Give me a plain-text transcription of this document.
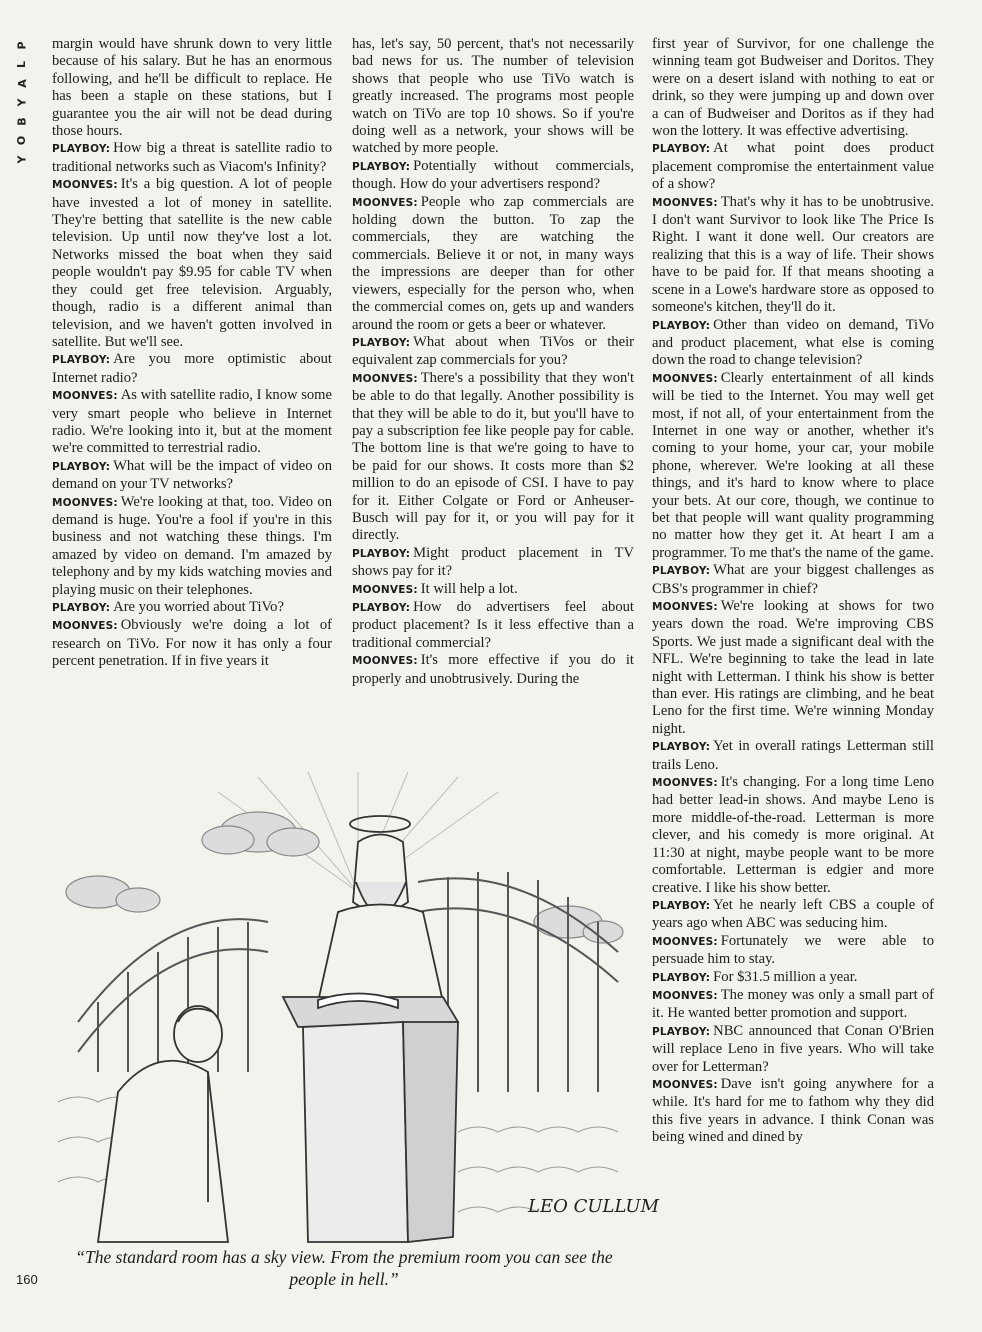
P
L
A
Y
B
O
Y

margin would have shrunk down to very little because of his salary. But he has an enormous following, and he'll be difficult to replace. He has been a staple on these stations, but I guarantee you the air will not be dead during those hours.

PLAYBOY: How big a threat is satellite radio to traditional networks such as Viacom's Infinity?

MOONVES: It's a big question. A lot of people have invested a lot of money in satellite. They're betting that satellite is the new cable television. Up until now they've lost a lot. Networks missed the boat when they said people wouldn't pay $9.95 for cable TV when they could get free television. Arguably, though, radio is a different animal than television, and we haven't gotten involved in satellite. But we'll see.

PLAYBOY: Are you more optimistic about Internet radio?

MOONVES: As with satellite radio, I know some very smart people who believe in Internet radio. We're looking into it, but at the moment we're committed to terrestrial radio.

PLAYBOY: What will be the impact of video on demand on your TV networks?

MOONVES: We're looking at that, too. Video on demand is huge. You're a fool if you're in this business and not watching these things. I'm amazed by video on demand. I'm amazed by telephony and by my kids watching movies and playing music on their telephones.

PLAYBOY: Are you worried about TiVo?

MOONVES: Obviously we're doing a lot of research on TiVo. For now it has only a four percent penetration. If in five years it

has, let's say, 50 percent, that's not necessarily bad news for us. The number of television shows that people who use TiVo watch is greatly increased. The programs most people watch on TiVo are top 10 shows. So if you're doing well as a network, your shows will be watched by more people.

PLAYBOY: Potentially without commercials, though. How do your advertisers respond?

MOONVES: People who zap commercials are holding down the button. To zap the commercials, they are watching the commercials. Believe it or not, in many ways the impressions are deeper than for other viewers, especially for the person who, when the commercial comes on, gets up and wanders around the room or gets a beer or whatever.

PLAYBOY: What about when TiVos or their equivalent zap commercials for you?

MOONVES: There's a possibility that they won't be able to do that legally. Another possibility is that they will be able to do it, but you'll have to pay a subscription fee like people pay for cable. The bottom line is that we're going to have to be paid for our shows. It costs more than $2 million to do an episode of CSI. I have to pay for it. Either Colgate or Ford or Anheuser-Busch will pay for it, or you will pay for it directly.

PLAYBOY: Might product placement in TV shows pay for it?

MOONVES: It will help a lot.

PLAYBOY: How do advertisers feel about product placement? Is it less effective than a traditional commercial?

MOONVES: It's more effective if you do it properly and unobtrusively. During the

first year of Survivor, for one challenge the winning team got Budweiser and Doritos. They were on a desert island with nothing to eat or drink, so they were jumping up and down over a can of Budweiser and Doritos as if they had won the lottery. It was effective advertising.

PLAYBOY: At what point does product placement compromise the entertainment value of a show?

MOONVES: That's why it has to be unobtrusive. I don't want Survivor to look like The Price Is Right. I want it done well. Our creators are realizing that this is a way of life. Their shows have to be paid for. If that means shooting a scene in a Lowe's hardware store as opposed to someone's kitchen, they'll do it.

PLAYBOY: Other than video on demand, TiVo and product placement, what else is coming down the road to change television?

MOONVES: Clearly entertainment of all kinds will be tied to the Internet. You may well get most, if not all, of your entertainment from the Internet in one way or another, whether it's coming to your home, your car, your mobile phone, wherever. We're looking at all these things, and it's hard to know where to place your bets. At our core, though, we continue to bet that people will want quality programming no matter how they get it. At heart I am a programmer. To me that's the name of the game.

PLAYBOY: What are your biggest challenges as CBS's programmer in chief?

MOONVES: We're looking at shows for two years down the road. We're improving CBS Sports. We just made a significant deal with the NFL. We're beginning to take the lead in late night with Letterman. I think his show is better than ever. His ratings are climbing, and he beat Leno for the first time. We're winning Monday night.

PLAYBOY: Yet in overall ratings Letterman still trails Leno.

MOONVES: It's changing. For a long time Leno had better lead-in shows. And maybe Leno is more middle-of-the-road. Letterman is more clever, and his comedy is more original. At 11:30 at night, maybe people want to be more comfortable. Letterman is edgier and more creative. I like his show better.

PLAYBOY: Yet he nearly left CBS a couple of years ago when ABC was seducing him.

MOONVES: Fortunately we were able to persuade him to stay.

PLAYBOY: For $31.5 million a year.

MOONVES: The money was only a small part of it. He wanted better promotion and support.

PLAYBOY: NBC announced that Conan O'Brien will replace Leno in five years. Who will take over for Letterman?

MOONVES: Dave isn't going anywhere for a while. It's hard for me to fathom why they did this five years in advance. I think Conan was being wined and dined by

LEO CULLUM
“The standard room has a sky view. From the premium room you can see the people in hell.”
160
